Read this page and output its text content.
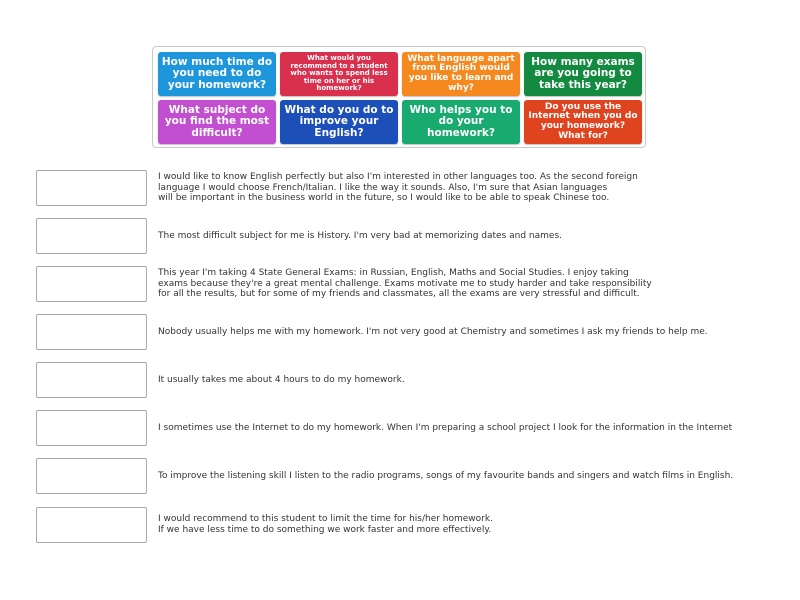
How much time do you need to do your homework?
What would you recommend to a student who wants to spend less time on her or his homework?
What language apart from English would you like to learn and why?
How many exams are you going to take this year?
What subject do you find the most difficult?
What do you do to improve your English?
Who helps you to do your homework?
Do you use the Internet when you do your homework? What for?
I would like to know English perfectly but also I'm interested in other languages too. As the second foreign
language I would choose French/Italian. I like the way it sounds. Also, I'm sure that Asian languages
will be important in the business world in the future, so I would like to be able to speak Chinese too.
The most difficult subject for me is History. I'm very bad at memorizing dates and names.
This year I'm taking 4 State General Exams: in Russian, English, Maths and Social Studies. I enjoy taking
exams because they're a great mental challenge. Exams motivate me to study harder and take responsibility
for all the results, but for some of my friends and classmates, all the exams are very stressful and difficult.
Nobody usually helps me with my homework. I'm not very good at Chemistry and sometimes I ask my friends to help me.
It usually takes me about 4 hours to do my homework.
I sometimes use the Internet to do my homework. When I'm preparing a school project I look for the information in the Internet
To improve the listening skill I listen to the radio programs, songs of my favourite bands and singers and watch films in English.
I would recommend to this student to limit the time for his/her homework.
If we have less time to do something we work faster and more effectively.
